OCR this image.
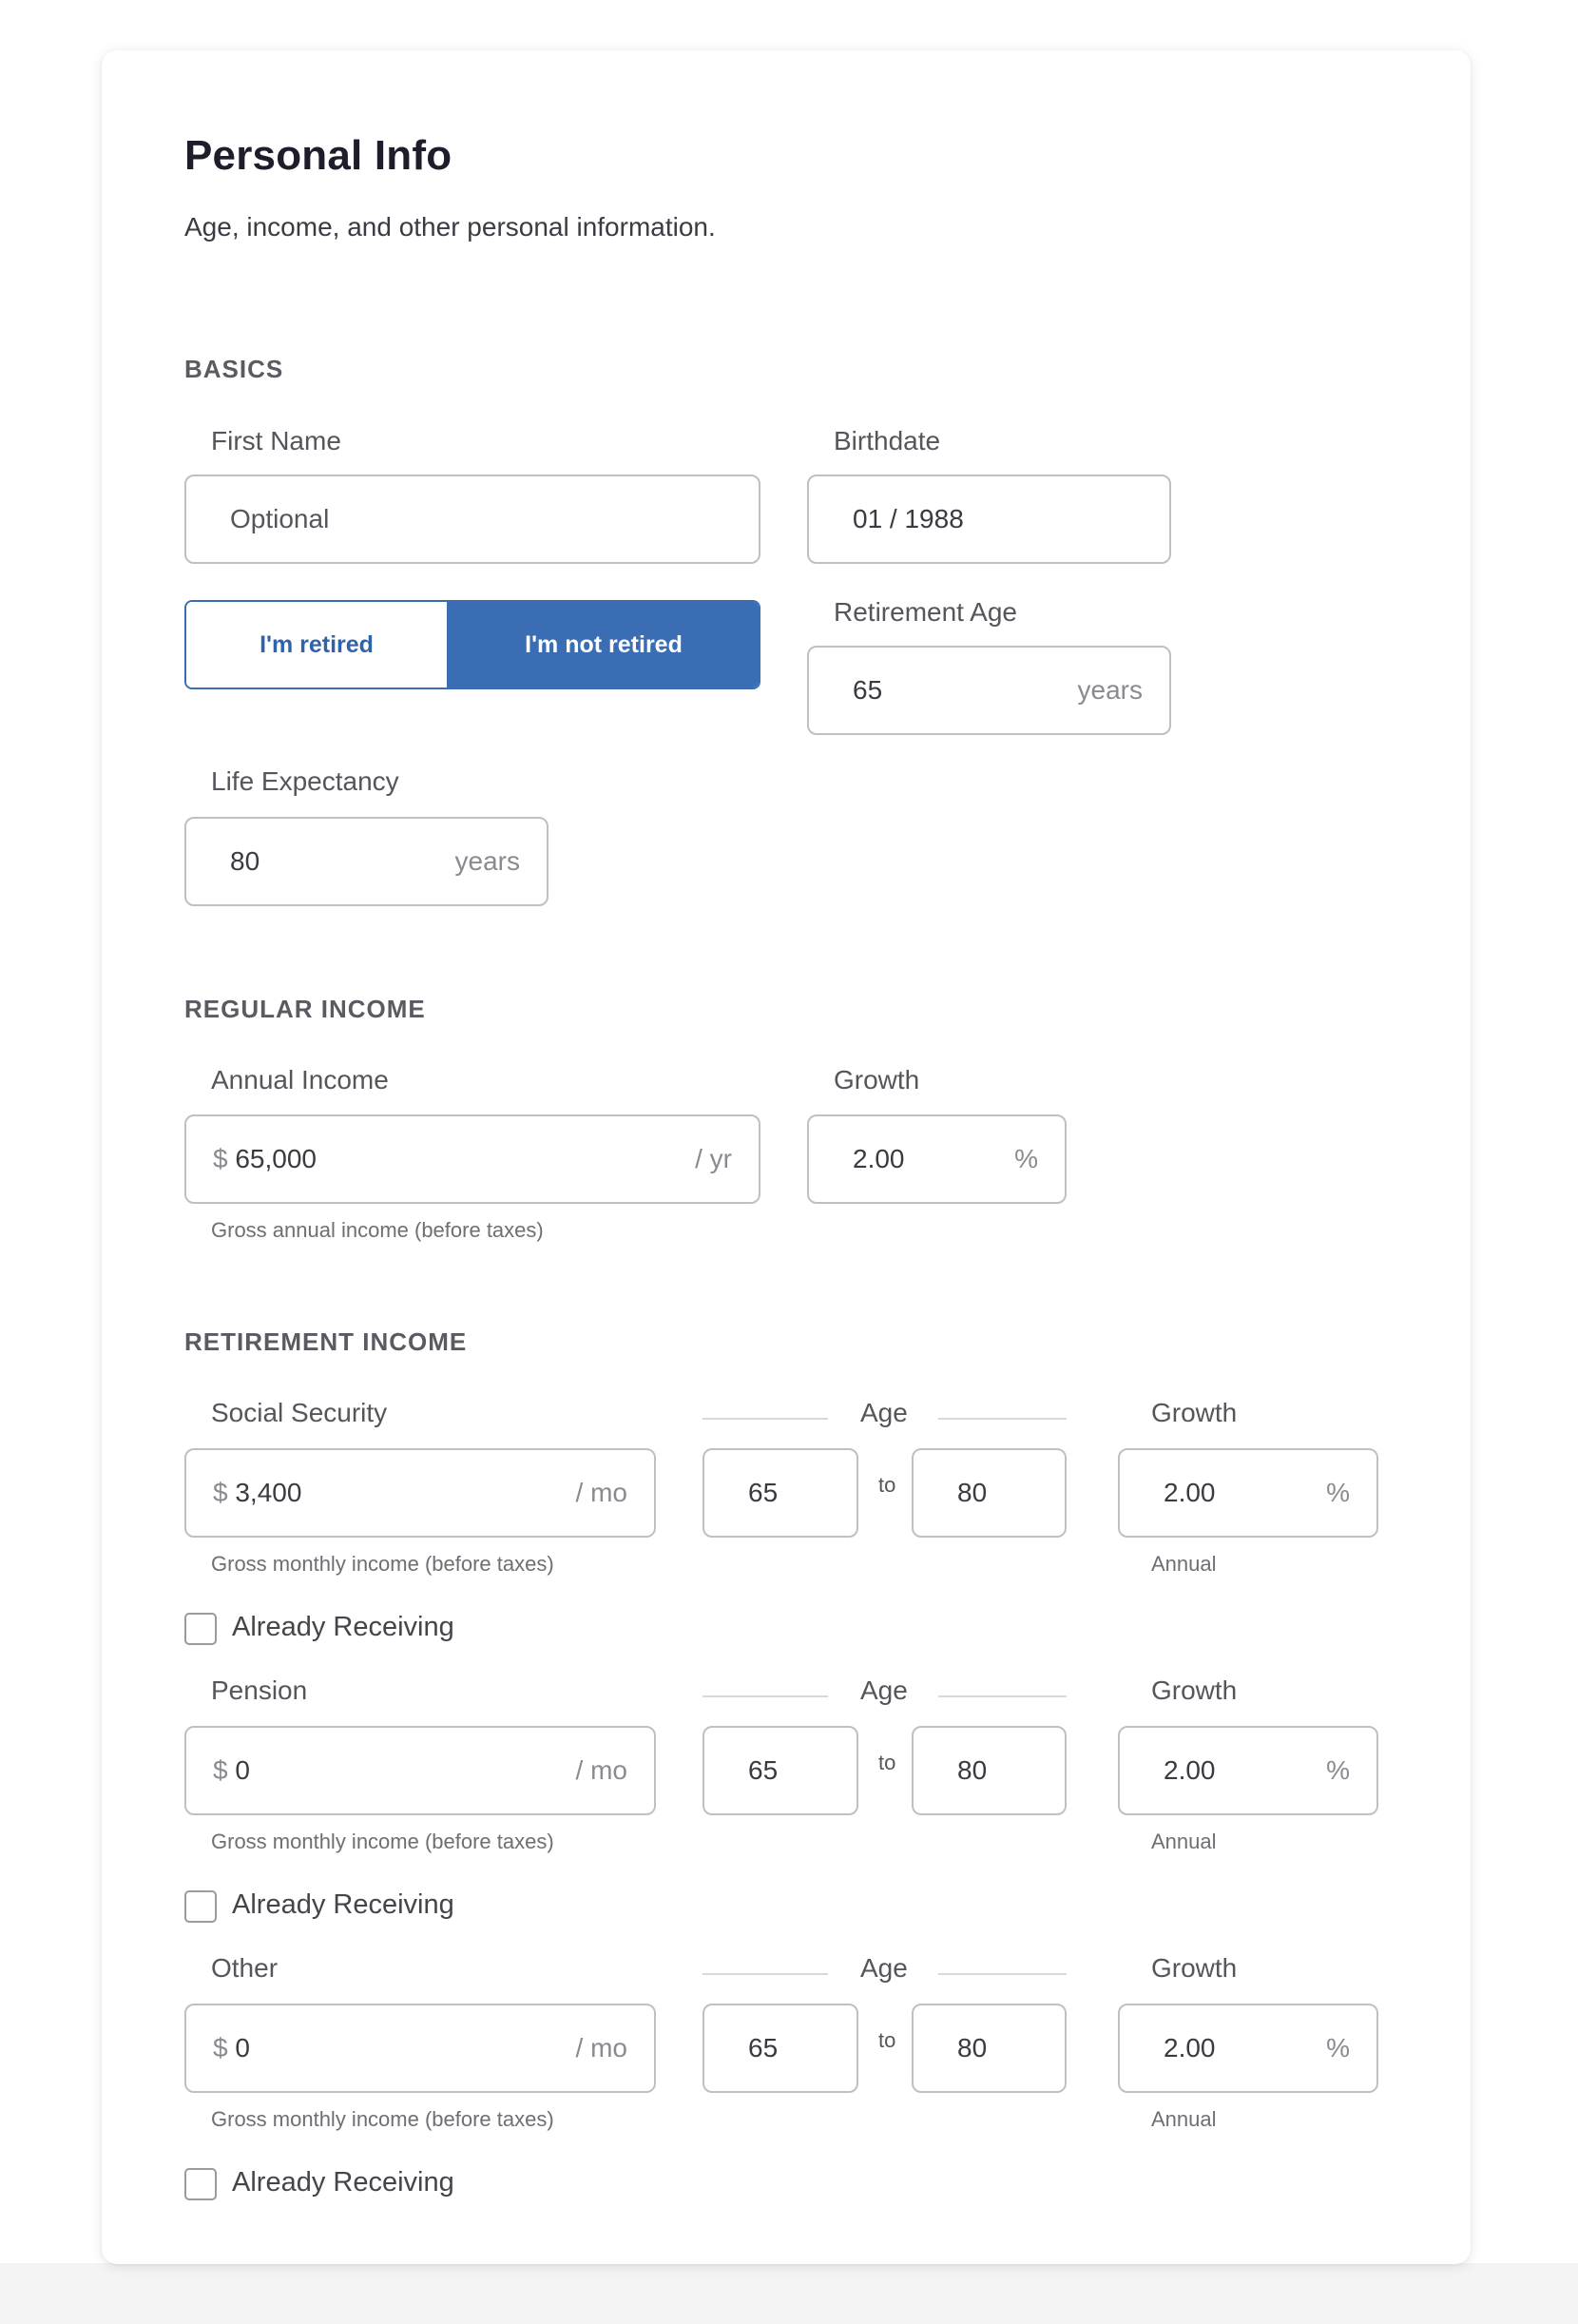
Personal Info
Age, income, and other personal information.
BASICS
First Name
Optional
Birthdate
01 / 1988
Retirement Age
I'm retired	I'm not retired
65	years
Life Expectancy
80	years
REGULAR INCOME
Annual Income
$ 65,000	/ yr
Gross annual income (before taxes)
Growth
2.00	%
RETIREMENT INCOME
Social Security	Age	Growth
$ 3,400	/ mo	65	to 80	2.00	%
Gross monthly income (before taxes)	Annual
Already Receiving
Pension	Age	Growth
$ 0	/ mo	65	to 80	2.00	%
Gross monthly income (before taxes)	Annual
Already Receiving
Other	Age	Growth
$ 0	/ mo	65	to 80	2.00	%
Gross monthly income (before taxes)	Annual
Already Receiving
